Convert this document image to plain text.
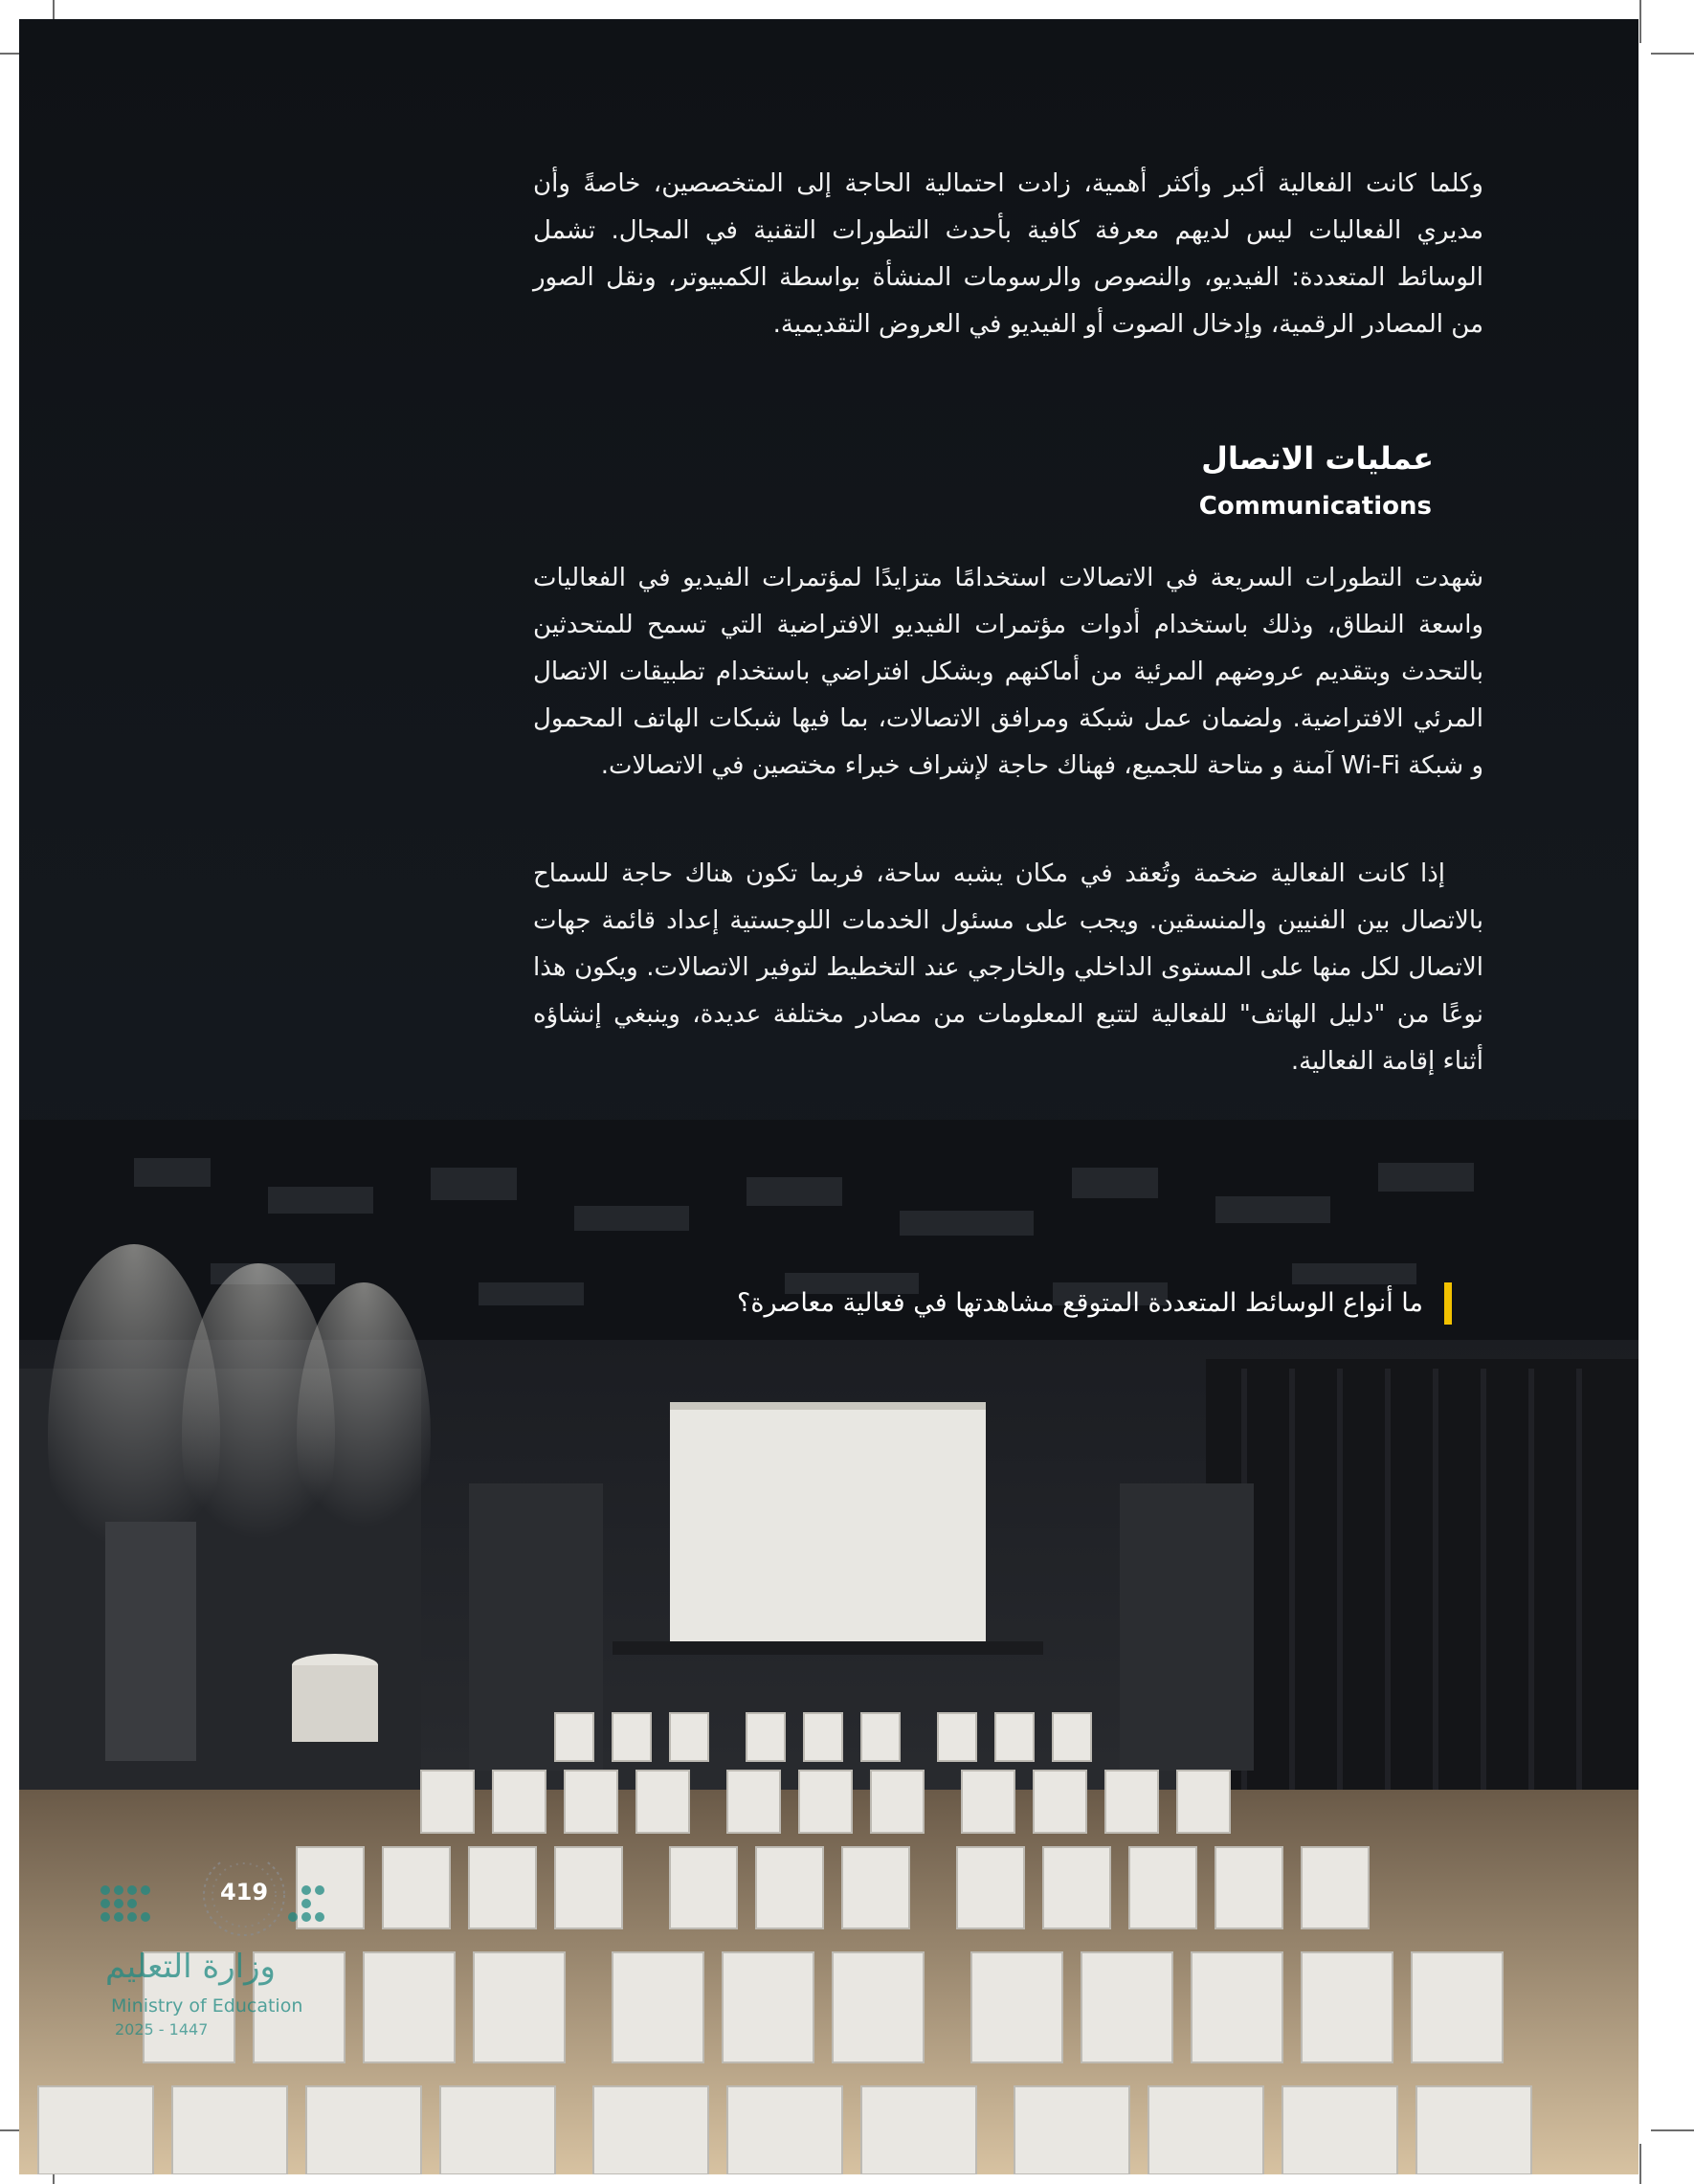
وكلما كانت الفعالية أكبر وأكثر أهمية، زادت احتمالية الحاجة إلى المتخصصين، خاصةً وأن مديري الفعاليات ليس لديهم معرفة كافية بأحدث التطورات التقنية في المجال. تشمل الوسائط المتعددة: الفيديو، والنصوص والرسومات المنشأة بواسطة الكمبيوتر، ونقل الصور من المصادر الرقمية، وإدخال الصوت أو الفيديو في العروض التقديمية.
عمليات الاتصال
Communications
شهدت التطورات السريعة في الاتصالات استخدامًا متزايدًا لمؤتمرات الفيديو في الفعاليات واسعة النطاق، وذلك باستخدام أدوات مؤتمرات الفيديو الافتراضية التي تسمح للمتحدثين بالتحدث وبتقديم عروضهم المرئية من أماكنهم وبشكل افتراضي باستخدام تطبيقات الاتصال المرئي الافتراضية. ولضمان عمل شبكة ومرافق الاتصالات، بما فيها شبكات الهاتف المحمول و شبكة Wi-Fi آمنة و متاحة للجميع، فهناك حاجة لإشراف خبراء مختصين في الاتصالات.
إذا كانت الفعالية ضخمة وتُعقد في مكان يشبه ساحة، فربما تكون هناك حاجة للسماح بالاتصال بين الفنيين والمنسقين. ويجب على مسئول الخدمات اللوجستية إعداد قائمة جهات الاتصال لكل منها على المستوى الداخلي والخارجي عند التخطيط لتوفير الاتصالات. ويكون هذا نوعًا من "دليل الهاتف" للفعالية لتتبع المعلومات من مصادر مختلفة عديدة، وينبغي إنشاؤه أثناء إقامة الفعالية.
ما أنواع الوسائط المتعددة المتوقع مشاهدتها في فعالية معاصرة؟
419
وزارة التعليم
Ministry of Education
2025 - 1447
